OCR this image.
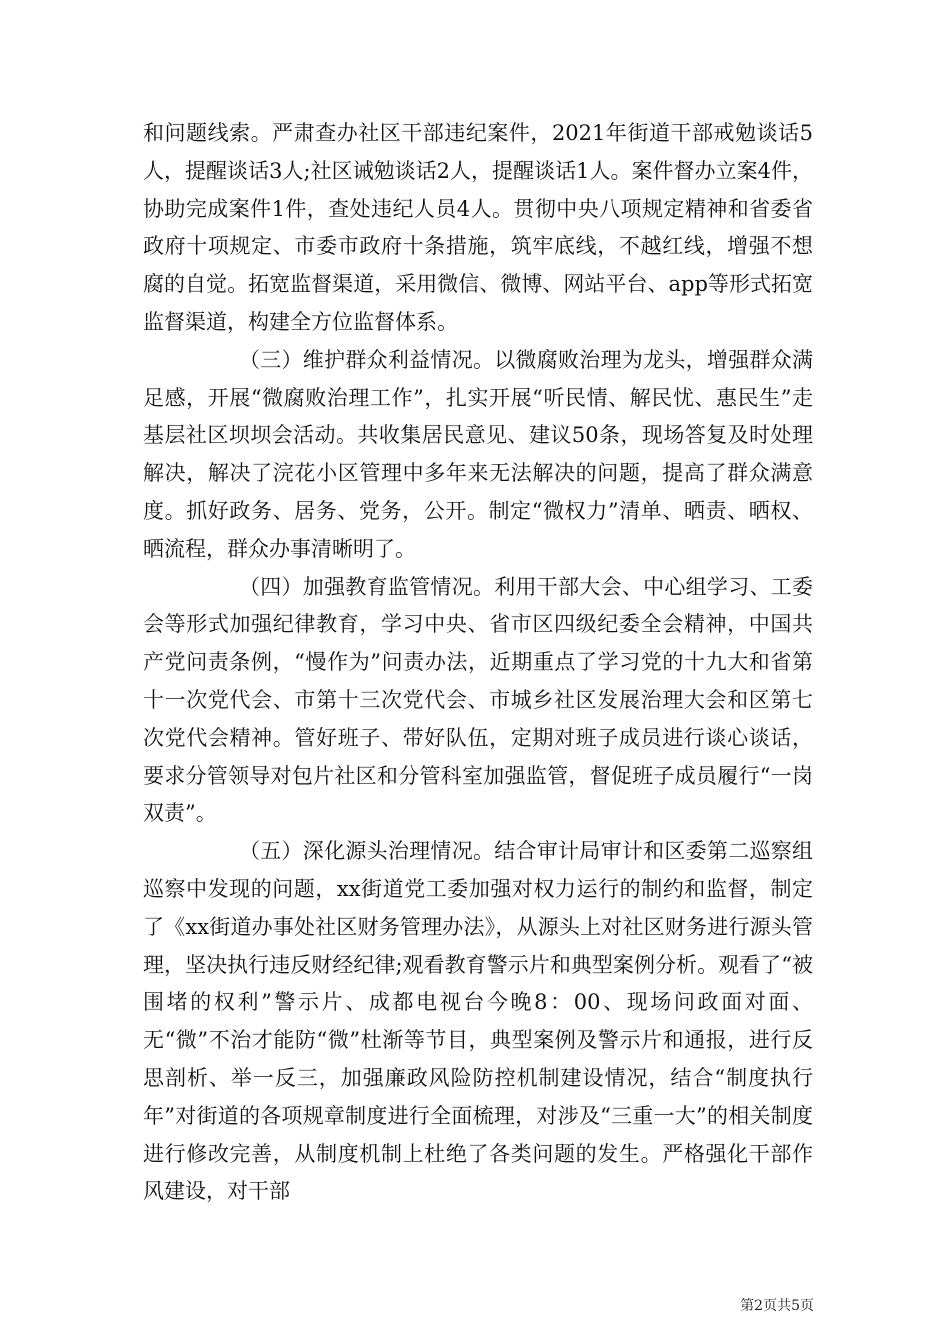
和问题线索。严肃查办社区干部违纪案件，2021年街道干部戒勉谈话5人，提醒谈话3人;社区诫勉谈话2人，提醒谈话1人。案件督办立案4件，协助完成案件1件，查处违纪人员4人。贯彻中央八项规定精神和省委省政府十项规定、市委市政府十条措施，筑牢底线，不越红线，增强不想腐的自觉。拓宽监督渠道，采用微信、微博、网站平台、app等形式拓宽监督渠道，构建全方位监督体系。

（三）维护群众利益情况。以微腐败治理为龙头，增强群众满足感，开展“微腐败治理工作”，扎实开展“听民情、解民忧、惠民生”走基层社区坝坝会活动。共收集居民意见、建议50条，现场答复及时处理解决，解决了浣花小区管理中多年来无法解决的问题，提高了群众满意度。抓好政务、居务、党务，公开。制定“微权力”清单、晒责、晒权、晒流程，群众办事清晰明了。

（四）加强教育监管情况。利用干部大会、中心组学习、工委会等形式加强纪律教育，学习中央、省市区四级纪委全会精神，中国共产党问责条例，“慢作为”问责办法，近期重点了学习党的十九大和省第十一次党代会、市第十三次党代会、市城乡社区发展治理大会和区第七次党代会精神。管好班子、带好队伍，定期对班子成员进行谈心谈话，要求分管领导对包片社区和分管科室加强监管，督促班子成员履行“一岗双责”。

（五）深化源头治理情况。结合审计局审计和区委第二巡察组巡察中发现的问题，xx街道党工委加强对权力运行的制约和监督，制定了《xx街道办事处社区财务管理办法》，从源头上对社区财务进行源头管理，坚决执行违反财经纪律;观看教育警示片和典型案例分析。观看了“被围堵的权利”警示片、成都电视台今晚8：00、现场问政面对面、无“微”不治才能防“微”杜渐等节目，典型案例及警示片和通报，进行反思剖析、举一反三，加强廉政风险防控机制建设情况，结合“制度执行年”对街道的各项规章制度进行全面梳理，对涉及“三重一大”的相关制度进行修改完善，从制度机制上杜绝了各类问题的发生。严格强化干部作风建设，对干部

第2页共5页
